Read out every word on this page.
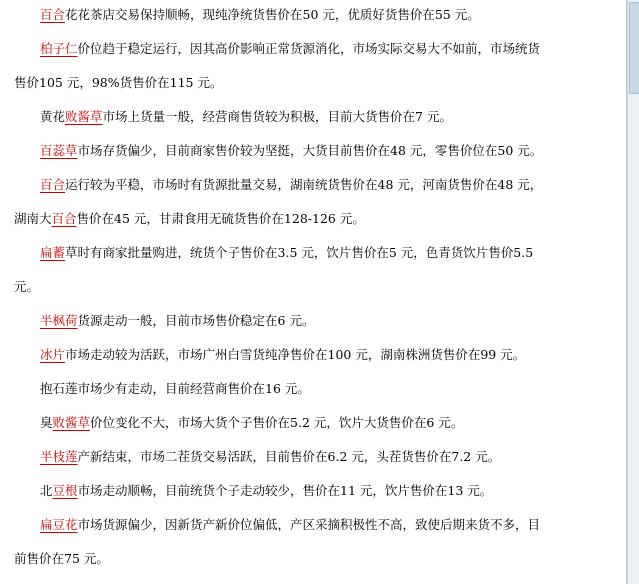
百合花花茶店交易保持顺畅，现纯净统货售价在50 元，优质好货售价在55 元。
柏子仁价位趋于稳定运行，因其高价影响正常货源消化，市场实际交易大不如前，市场统货
售价105 元，98%货售价在115 元。
黄花败酱草市场上货量一般，经营商售货较为积极，目前大货售价在7 元。
百蕊草市场存货偏少，目前商家售价较为坚挺，大货目前售价在48 元，零售价位在50 元。
百合运行较为平稳，市场时有货源批量交易，湖南统货售价在48 元，河南货售价在48 元，
湖南大百合售价在45 元，甘肃食用无硫货售价在128-126 元。
扁蓄草时有商家批量购进，统货个子售价在3.5 元，饮片售价在5 元，色青货饮片售价5.5
元。
半枫荷货源走动一般，目前市场售价稳定在6 元。
冰片市场走动较为活跃，市场广州白雪货纯净售价在100 元，湖南株洲货售价在99 元。
抱石莲市场少有走动，目前经营商售价在16 元。
臭败酱草价位变化不大，市场大货个子售价在5.2 元，饮片大货售价在6 元。
半枝莲产新结束，市场二茬货交易活跃，目前售价在6.2 元，头茬货售价在7.2 元。
北豆根市场走动顺畅，目前统货个子走动较少，售价在11 元，饮片售价在13 元。
扁豆花市场货源偏少，因新货产新价位偏低，产区采摘积极性不高，致使后期来货不多，目
前售价在75 元。
